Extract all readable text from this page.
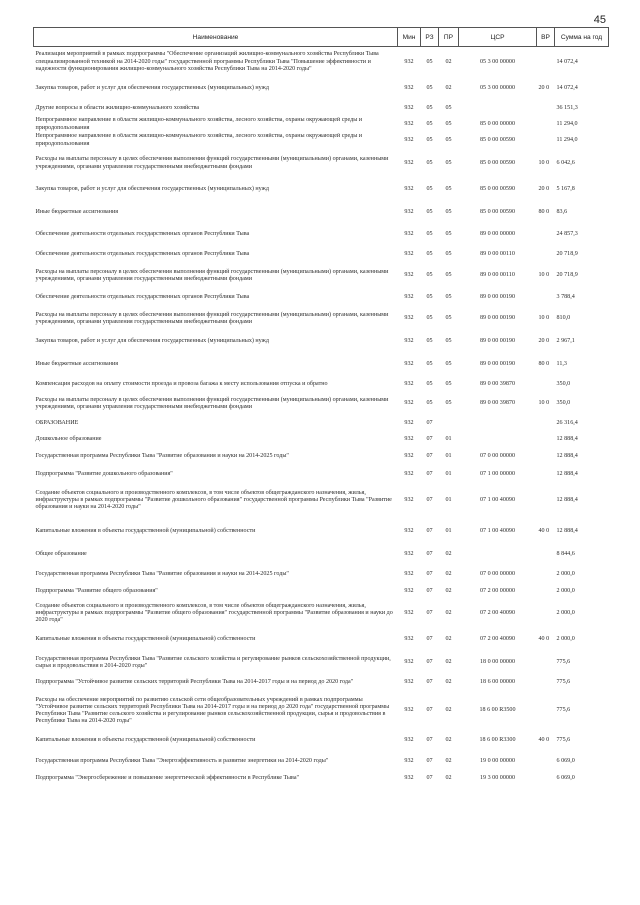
45
Наименование	Мин	РЗ	ПР	ЦСР	ВР	Сумма на год
Реализация мероприятий в рамках подпрограммы "Обеспечение организаций жилищно-коммунального хозяйства Республики Тыва специализированной техникой на 2014-2020 годы" государственной программы Республики Тыва "Повышение эффективности и надежности функционирования жилищно-коммунального хозяйства Республики Тыва на 2014-2020 годы"	932	05	02	05 3 00 00000		14 072,4
Закупка товаров, работ и услуг для обеспечения государственных (муниципальных) нужд	932	05	02	05 3 00 00000	20 0	14 072,4
Другие вопросы в области жилищно-коммунального хозяйства	932	05	05			36 151,3
Непрограммное направление в области жилищно-коммунального хозяйства, лесного хозяйства, охраны окружающей среды и природопользования	932	05	05	85 0 00 00000		11 294,0
Непрограммное направление в области жилищно-коммунального хозяйства, лесного хозяйства, охраны окружающей среды и природопользования	932	05	05	85 0 00 00590		11 294,0
Расходы на выплаты персоналу в целях обеспечения выполнения функций государственными (муниципальными) органами, казенными учреждениями, органами управления государственными внебюджетными фондами	932	05	05	85 0 00 00590	10 0	6 042,6
Закупка товаров, работ и услуг для обеспечения государственных (муниципальных) нужд	932	05	05	85 0 00 00590	20 0	5 167,8
Иные бюджетные ассигнования	932	05	05	85 0 00 00590	80 0	83,6
Обеспечение деятельности отдельных государственных органов Республики Тыва	932	05	05	89 0 00 00000		24 857,3
Обеспечение деятельности отдельных государственных органов Республики Тыва	932	05	05	89 0 00 00110		20 718,9
Расходы на выплаты персоналу в целях обеспечения выполнения функций государственными (муниципальными) органами, казенными учреждениями, органами управления государственными внебюджетными фондами	932	05	05	89 0 00 00110	10 0	20 718,9
Обеспечение деятельности отдельных государственных органов Республики Тыва	932	05	05	89 0 00 00190		3 788,4
Расходы на выплаты персоналу в целях обеспечения выполнения функций государственными (муниципальными) органами, казенными учреждениями, органами управления государственными внебюджетными фондами	932	05	05	89 0 00 00190	10 0	810,0
Закупка товаров, работ и услуг для обеспечения государственных (муниципальных) нужд	932	05	05	89 0 00 00190	20 0	2 967,1
Иные бюджетные ассигнования	932	05	05	89 0 00 00190	80 0	11,3
Компенсация расходов на оплату стоимости проезда и провоза багажа к месту использования отпуска и обратно	932	05	05	89 0 00 39870		350,0
Расходы на выплаты персоналу в целях обеспечения выполнения функций государственными (муниципальными) органами, казенными учреждениями, органами управления государственными внебюджетными фондами	932	05	05	89 0 00 39870	10 0	350,0
ОБРАЗОВАНИЕ	932	07				26 316,4
Дошкольное образование	932	07	01			12 888,4
Государственная программа Республики Тыва "Развитие образования и науки на 2014-2025 годы"	932	07	01	07 0 00 00000		12 888,4
Подпрограмма "Развитие дошкольного образования"	932	07	01	07 1 00 00000		12 888,4
Создание объектов социального и производственного комплексов, в том числе объектов общегражданского назначения, жилья, инфраструктуры в рамках подпрограммы "Развитие дошкольного образования" государственной программы Республики Тыва "Развитие образования и науки на 2014-2020 годы"	932	07	01	07 1 00 40090		12 888,4
Капитальные вложения в объекты государственной (муниципальной) собственности	932	07	01	07 1 00 40090	40 0	12 888,4
Общее образование	932	07	02			8 844,6
Государственная программа Республики Тыва "Развитие образования и науки на 2014-2025 годы"	932	07	02	07 0 00 00000		2 000,0
Подпрограмма "Развитие общего образования"	932	07	02	07 2 00 00000		2 000,0
Создание объектов социального и производственного комплексов, в том числе объектов общегражданского назначения, жилья, инфраструктуры в рамках подпрограммы "Развитие общего образования" государственной программы "Развитие образования и науки до 2020 года"	932	07	02	07 2 00 40090		2 000,0
Капитальные вложения в объекты государственной (муниципальной) собственности	932	07	02	07 2 00 40090	40 0	2 000,0
Государственная программа Республики Тыва "Развитие сельского хозяйства и регулирование рынков сельскохозяйственной продукции, сырья и продовольствия в 2014-2020 годы"	932	07	02	18 0 00 00000		775,6
Подпрограмма "Устойчивое развитие сельских территорий Республики Тыва на 2014-2017 годы и на период до 2020 года"	932	07	02	18 6 00 00000		775,6
Расходы на обеспечение мероприятий по развитию сельской сети общеобразовательных учреждений в рамках подпрограммы "Устойчивое развитие сельских территорий Республики Тыва на 2014-2017 годы и на период до 2020 года" государственной программы Республики Тыва "Развитие сельского хозяйства и регулирование рынков сельскохозяйственной продукции, сырья и продовольствия в Республике Тыва на 2014-2020 годы"	932	07	02	18 6 00 R3500		775,6
Капитальные вложения в объекты государственной (муниципальной) собственности	932	07	02	18 6 00 R3300	40 0	775,6
Государственная программа Республики Тыва "Энергоэффективность и развитие энергетики на 2014-2020 годы"	932	07	02	19 0 00 00000		6 069,0
Подпрограмма "Энергосбережение и повышение энергетической эффективности в Республике Тыва"	932	07	02	19 3 00 00000		6 069,0
